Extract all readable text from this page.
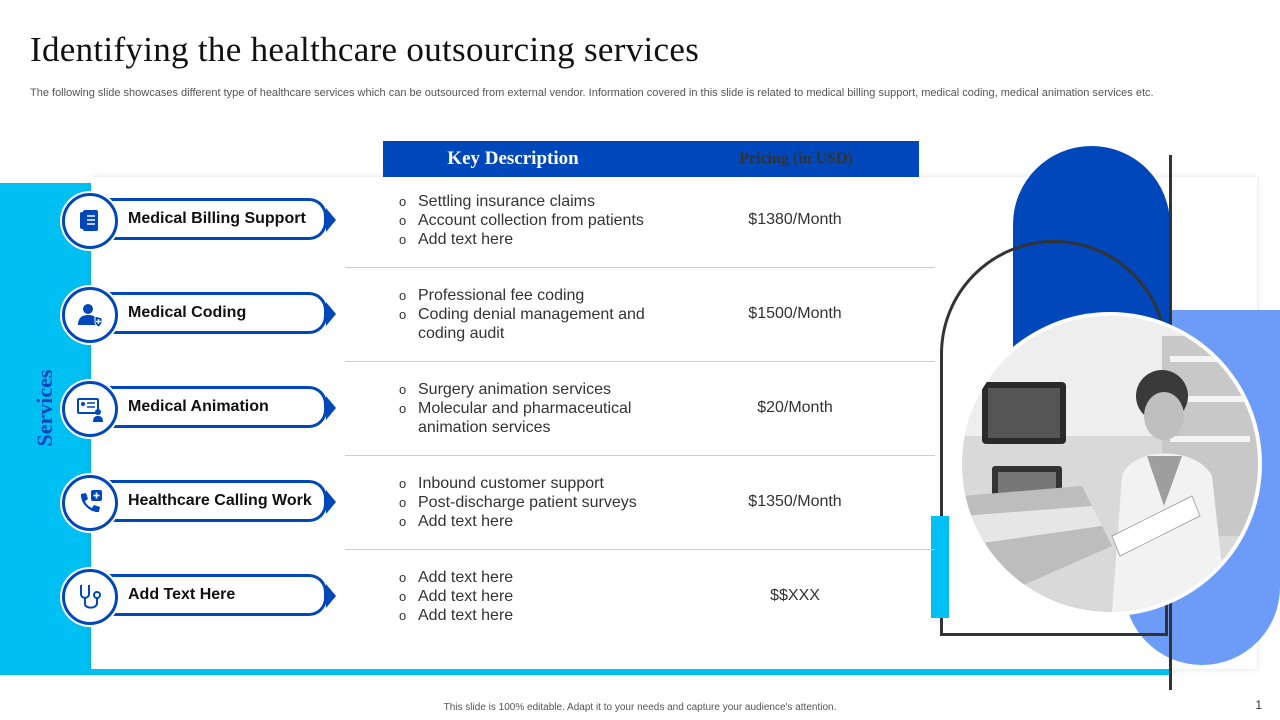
Identifying the healthcare outsourcing services

The following slide showcases different type of healthcare services which can be outsourced from external vendor. Information covered in this slide is related to medical billing support, medical coding, medical animation services etc.

Services
Key Description	Pricing (in USD)
Medical Billing Support
o Settling insurance claims
o Account collection from patients
o Add text here
$1380/Month
Medical Coding
o Professional fee coding
o Coding denial management and coding audit
$1500/Month
Medical Animation
o Surgery animation services
o Molecular and pharmaceutical animation services
$20/Month
Healthcare Calling Work
o Inbound customer support
o Post-discharge patient surveys
o Add text here
$1350/Month
Add Text Here
o Add text here
o Add text here
o Add text here
$$XXX
This slide is 100% editable. Adapt it to your needs and capture your audience's attention.	1
